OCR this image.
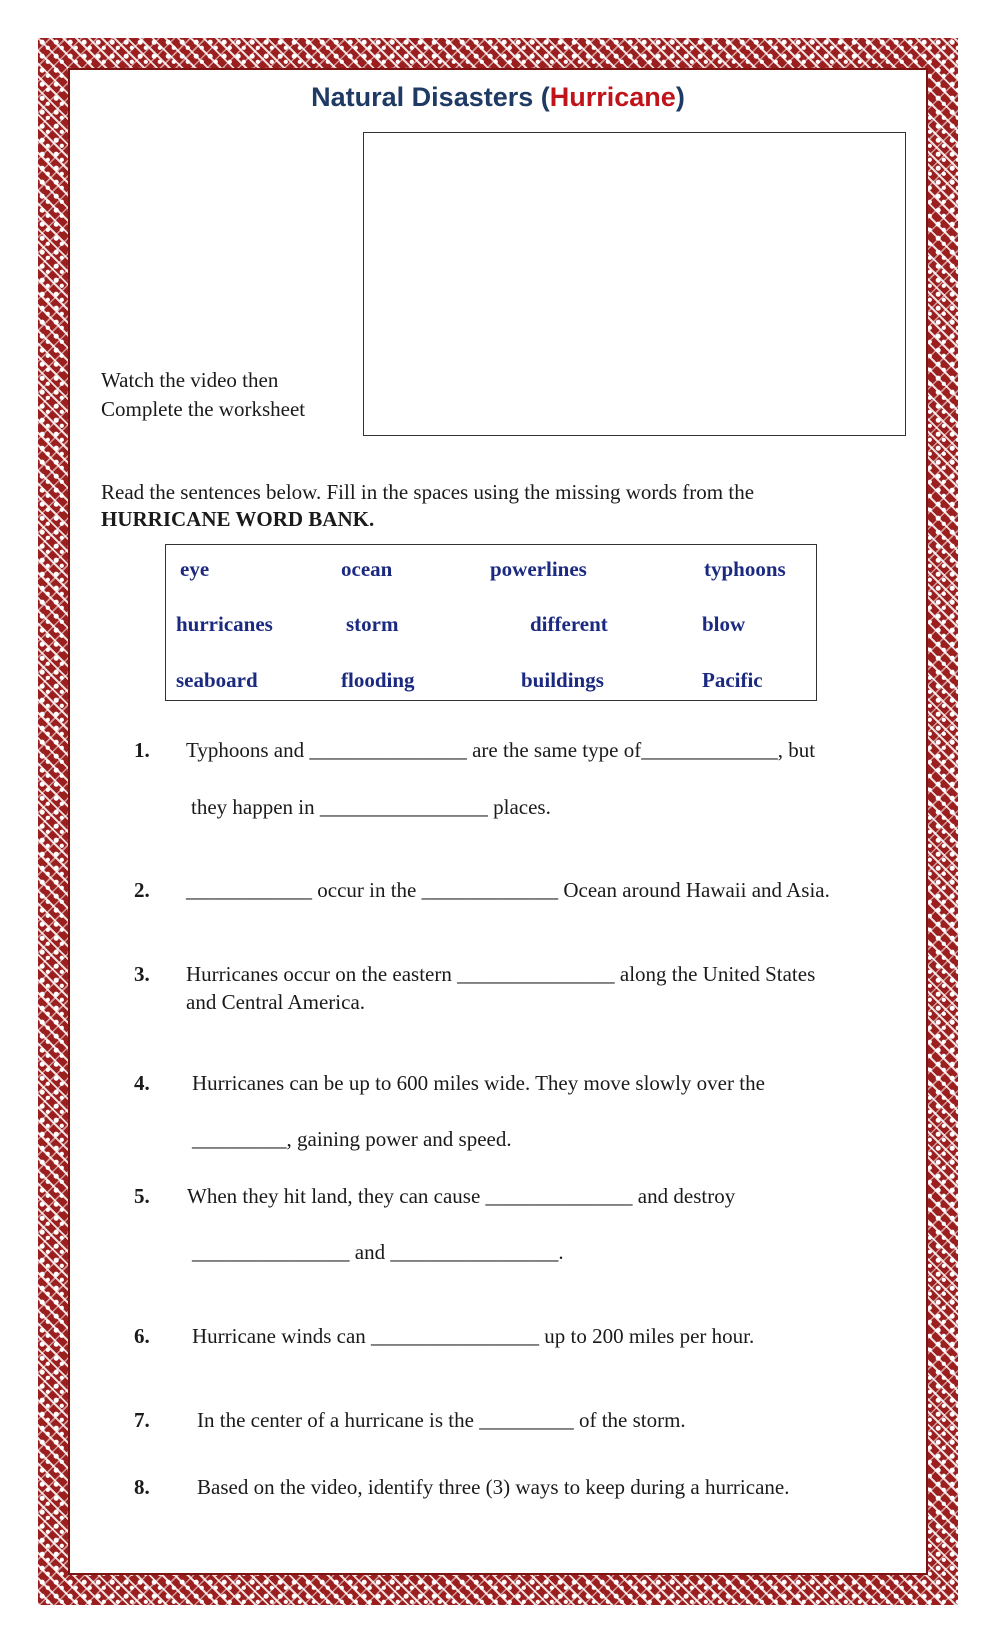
Natural Disasters (Hurricane)
Watch the video then
Complete the worksheet
Read the sentences below. Fill in the spaces using the missing words from the
HURRICANE WORD BANK.
eye	ocean	powerlines	typhoons
hurricanes	storm	different	blow
seaboard	flooding	buildings	Pacific
1. Typhoons and _______________ are the same type of_____________, but
they happen in ________________ places.
2. ____________ occur in the _____________ Ocean around Hawaii and Asia.
3. Hurricanes occur on the eastern _______________ along the United States
and Central America.
4. Hurricanes can be up to 600 miles wide. They move slowly over the
_________, gaining power and speed.
5. When they hit land, they can cause ______________ and destroy
_______________ and ________________.
6. Hurricane winds can ________________ up to 200 miles per hour.
7. In the center of a hurricane is the _________ of the storm.
8. Based on the video, identify three (3) ways to keep during a hurricane.
